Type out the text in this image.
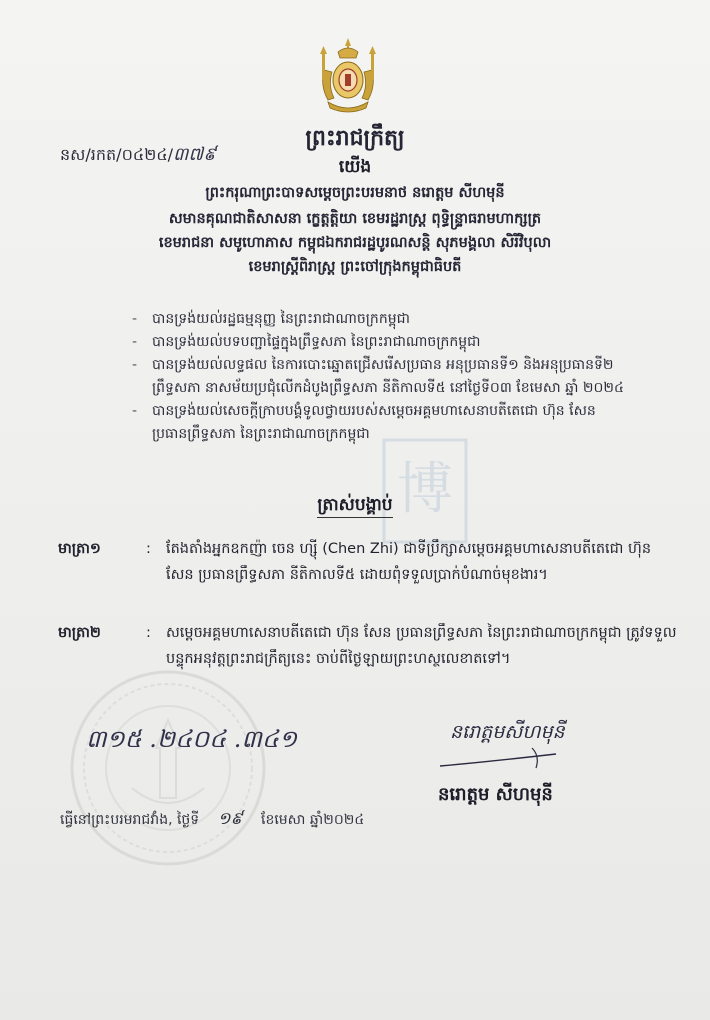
នស/រកត/០៤២៤/៣៧៩
ព្រះរាជក្រឹត្យ
យើង
ព្រះករុណាព្រះបាទសម្តេចព្រះបរមនាថ នរោត្តម សីហមុនី
សមានគុណជាតិសាសនា ក្ខេត្តត្តិយា ខេមរដ្ឋរាស្ត្រ ពុទ្ធិន្ទ្រាធរាមហាក្សត្រ
ខេមរាជនា សមូហោភាស កម្ពុជឯករាជរដ្ឋបូរណសន្តិ សុភមង្គលា សិរីវិបុលា
ខេមរាស្ត្រីពិរាស្ត្រ ព្រះចៅក្រុងកម្ពុជាធិបតី
- បានទ្រង់យល់រដ្ឋធម្មនុញ្ញ នៃព្រះរាជាណាចក្រកម្ពុជា
- បានទ្រង់យល់បទបញ្ជាផ្ទៃក្នុងព្រឹទ្ធសភា នៃព្រះរាជាណាចក្រកម្ពុជា
- បានទ្រង់យល់លទ្ធផល នៃការបោះឆ្នោតជ្រើសរើសប្រធាន អនុប្រធានទី១ និងអនុប្រធានទី២ ព្រឹទ្ធសភា នាសម័យប្រជុំលើកដំបូងព្រឹទ្ធសភា នីតិកាលទី៥ នៅថ្ងៃទី០៣ ខែមេសា ឆ្នាំ ២០២៤
- បានទ្រង់យល់សេចក្តីក្រាបបង្គំទូលថ្វាយរបស់សម្តេចអគ្គមហាសេនាបតីតេជោ ហ៊ុន សែន ប្រធានព្រឹទ្ធសភា នៃព្រះរាជាណាចក្រកម្ពុជា
博
ត្រាស់បង្គាប់
មាត្រា១	: តែងតាំងអ្នកឧកញ៉ា ចេន ហ្ស៊ី (Chen Zhi) ជាទីប្រឹក្សាសម្តេចអគ្គមហាសេនាបតីតេជោ ហ៊ុន សែន ប្រធានព្រឹទ្ធសភា នីតិកាលទី៥ ដោយពុំទទួលប្រាក់បំណាច់មុខងារ។
មាត្រា២	: សម្តេចអគ្គមហាសេនាបតីតេជោ ហ៊ុន សែន ប្រធានព្រឹទ្ធសភា នៃព្រះរាជាណាចក្រកម្ពុជា ត្រូវទទួលបន្ទុកអនុវត្តព្រះរាជក្រឹត្យនេះ ចាប់ពីថ្ងៃឡាយព្រះហស្ថលេខាតទៅ។
៣១៥ .២៤០៤ .៣៤១	នរោត្តមសីហមុនី
នរោត្តម សីហមុនី
ធ្វើនៅព្រះបរមរាជវាំង, ថ្ងៃទី ១៩ ខែមេសា ឆ្នាំ២០២៤
